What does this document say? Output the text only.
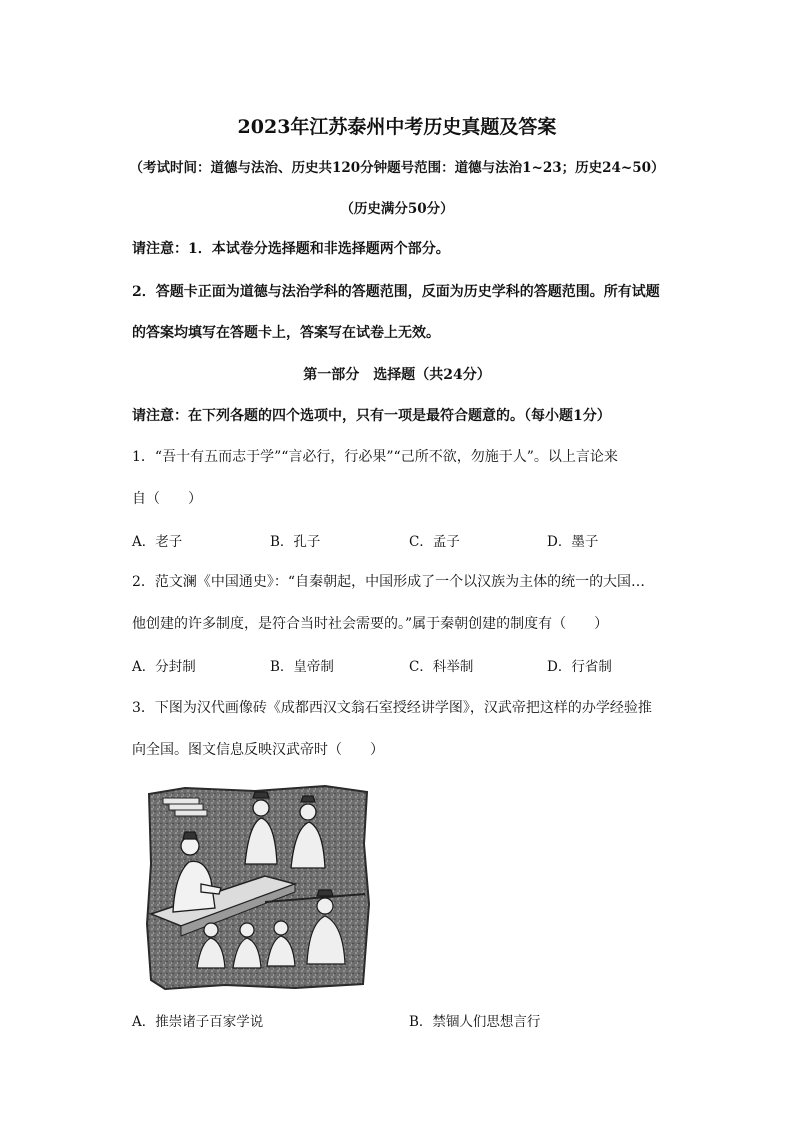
2023年江苏泰州中考历史真题及答案
（考试时间：道德与法治、历史共120分钟题号范围：道德与法治1~23；历史24~50）
（历史满分50分）
请注意：1．本试卷分选择题和非选择题两个部分。
2．答题卡正面为道德与法治学科的答题范围，反面为历史学科的答题范围。所有试题
的答案均填写在答题卡上，答案写在试卷上无效。
第一部分　选择题（共24分）
请注意：在下列各题的四个选项中，只有一项是最符合题意的。（每小题1分）
1．“吾十有五而志于学”“言必行，行必果”“己所不欲，勿施于人”。以上言论来
自（　　）
A．老子	B．孔子	C．孟子	D．墨子
2．范文澜《中国通史》：“自秦朝起，中国形成了一个以汉族为主体的统一的大国…
他创建的许多制度，是符合当时社会需要的。”属于秦朝创建的制度有（　　）
A．分封制	B．皇帝制	C．科举制	D．行省制
3．下图为汉代画像砖《成都西汉文翁石室授经讲学图》，汉武帝把这样的办学经验推
向全国。图文信息反映汉武帝时（　　）
A．推崇诸子百家学说	B．禁锢人们思想言行
